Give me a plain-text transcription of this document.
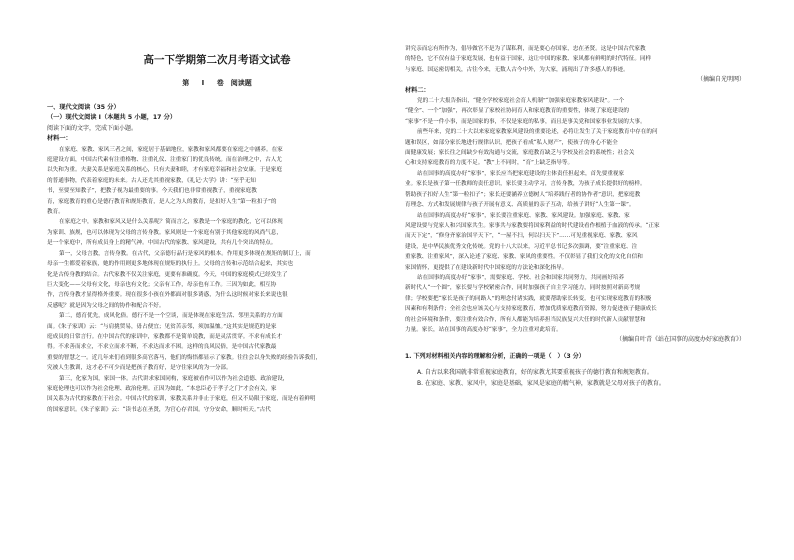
高一下学期第二次月考语文试卷
第 I 卷　阅读题

一、现代文阅读（35 分）

（一）现代文阅读 I（本题共 5 小题，17 分）

阅读下面的文字，完成下面小题。

材料一：

在家庭、家教、家风三者之间，家庭居于基础地位，家教和家风都要在家庭之中涵养。在家

庭建设方面，中国古代素有注重格物、注重礼仪、注重家门的优良传统。而在治理之中，古人尤

以失和为重。夫妻关系是家庭关系的核心，只有夫妻和睦，才有家庭幸福和社会安康。于是家庭

的普通事物，代表着家庭的未来。古人还尤其重视家教，《礼记·大学》讲：“至乎无知

书，至要至知教子”，把教子视为最重要的事。今天我们也非常重视教子，重视家庭教

育，家庭教育的重心是德行教育和规矩教育，是人之为人的教育，是扣好人生“第一粒扣子”的

教育。

在家庭之中，家教和家风又是什么关系呢？简而言之，家教是一个家庭的教化，它可以体现

为家训、族规，也可以体现为父母的言传身教。家风则是一个家庭有别于其他家庭的风尚气息，

是一个家庭中，所有成员身上的精气神。中国古代的家教、家风建设，共有几个突出的特点。

第一，父母言教，言传身教。在古代，父亲德行品行是家风的根本。作用更多体现在规矩的制订上，而

母亲一生都爱着家族，她的作用则更多地体现在规矩的执行上。父母的言传和示范结合起来，其实也

化是古传身教的结合。古代家教不仅关注家庭，更要有准确度。今天，中国的家庭模式已经发生了

巨大变化——父母有文化，母亲也有文化；父亲有工作，母亲也有工作。三因为如此，相互协

作，言传身教才显得格外重要。现在很多小孩在外都面对很多诱惑，为什么这时候对家长来说也很

反感呢？就是因为父母之间的协作和配合不好。

第二，德育优先，成风化俗。德行不是一个空谈，而是体现在家庭生活、邻里关系的方方面

面。《朱子家训》云：“与肩挑贸易，毋占便宜；见贫苦亲邻，须加温恤。”这其实是规范的是家

庭成员的日常言行。在中国古代的家训中，家教都不是简单说教，而是灵活贯穿。不求有成长才

得。不求善而求立，不求立而求不断，不求达而求不困。这样的良风民俗，是中国古代家教最

重要的智慧之一。近几年来们看到很多高官落马，他们的悔悟都显示了家教。往往会以身失败的经验告诉我们，

究被人生教训，这才必不可少而是把孩子教育好，是守住家风的为一分部。

第三，化家为国，家国一体。古代讲求家国同构，家庭被看作可以作为社会道德、政治建设，

家庭伦理也可以作为社会伦理、政治伦理。正因为如此，“本忠臣必于孝子之门”才会有关，家

国关系为古代的家教在于社会。中国古代的家训，家教关系并非止于家庭，但又不局限于家庭，而是有着鲜明

的国家意识。《朱子家训》云：“读书志在圣贤，为官心存君国。守分安命，顺时听天。”古代

讲究亲而忘有所作为，倡导做官不是为了谋私利，而是要心存国家，忠在圣贤。这是中国古代家教

的特色，它不仅有益于家庭发展，也有益于国家，这让中国的家教、家风都有鲜明的时代特征。同样

与家庭、国运密切相关，古往今来，无数人古今中外，为大家，涌现出了许多感人的事迹。

（摘编自光明网）

材料二：

党的二十大报告指出，“健全学校家庭社会育人机制”“加强家庭家教家风建设”。一个

“健全”、一个“加强”，再次彰显了家校社协同育人和家庭教育的重要性，体现了家庭建设的

“家事”不是一件小事，而是国家的事，不仅是家庭的私事，而且是事关党和国家事业发展的大事。

前些年来，党的二十大以来家庭家教家风建设的重要论述，必将让发生了关于家庭教育中存在的问

题和误区，如部分家长地进行规律认识，把孩子看成“私人财产”，使孩子的身心不能全

面健康发展；家长往之间缺少有效沟通与交流，家庭教育缺乏与学校及社会的系统性；社会关

心和支持家庭教育的力度不足。“教”上不同时，“育”上缺乏指导等。

站在国事的高度办好“家事”，家长应当把家庭建设的主体责任担起来，首先要重视家

业。家长是孩子第一任教师的责任意识，家长要主动学习，言传身教，为孩子成长提供好的榜样。

帮助孩子扣好人生“第一粒扣子”；家长还要涵养立德树人“培养践行者的协作者”意识，把家庭教

育理念、方式和发展规律与孩子开展有意义、高质量的亲子互动，给孩子讲好“人生第一课”。

站在国事的高度办好“家事”，家长要注重家庭、家教、家风建设。加强家庭、家教、家

风建设要与党家人和兴国家共生。家事共与家教要将国家利益的时代建设看作根植于血液的传承。“正家

而天下定”，“修身齐家治国平天下”，“一屋不扫，何以扫天下”……可见重视家庭、家教、家风

建设，是中华民族优秀文化传统。党的十八大以来，习近平总书记多次强调，要“注重家庭、注

重家教、注重家风”，深入论述了家庭、家教、家风的重要性。不仅彰显了我们文化的文化自信和

家国情怀，更提供了在建设新时代中国家庭的方法论和深化指导。

站在国事的高度办好“家事”，需要家庭、学校、社会和国家共同努力，共同画好培养

新时代人“一个圆”，家长要与学校紧密合作，同时加强孩子自主学习能力，同时按照对新高考规

律；学校要把“家长是孩子的同路人”的理念付诸实践，就要帮助家长转变，也可实现家庭教育的积极

因素和有利条件；全社会也应该关心与支持家庭教育，增加优质家庭教育资源，努力促进孩子健康成长

的社会环境和条件，要注重有效合作，所有人都能为培养担当民族复兴大任的时代新人贡献智慧和

力量。家长，站在国事的高度办好“家事”，全力注重对此培育。

（摘编自叶青《站在国事的高度办好家庭教育》）

1. 下列对材料相关内容的理解和分析，正确的一项是（　）（3 分）

A. 自古以来我国就非常重视家庭教育，好的家教尤其要重视孩子的德行教育和规矩教育。

B. 在家庭、家教、家风中，家庭是基础，家风是家庭的精气神，家教就是父母对孩子的教育。
